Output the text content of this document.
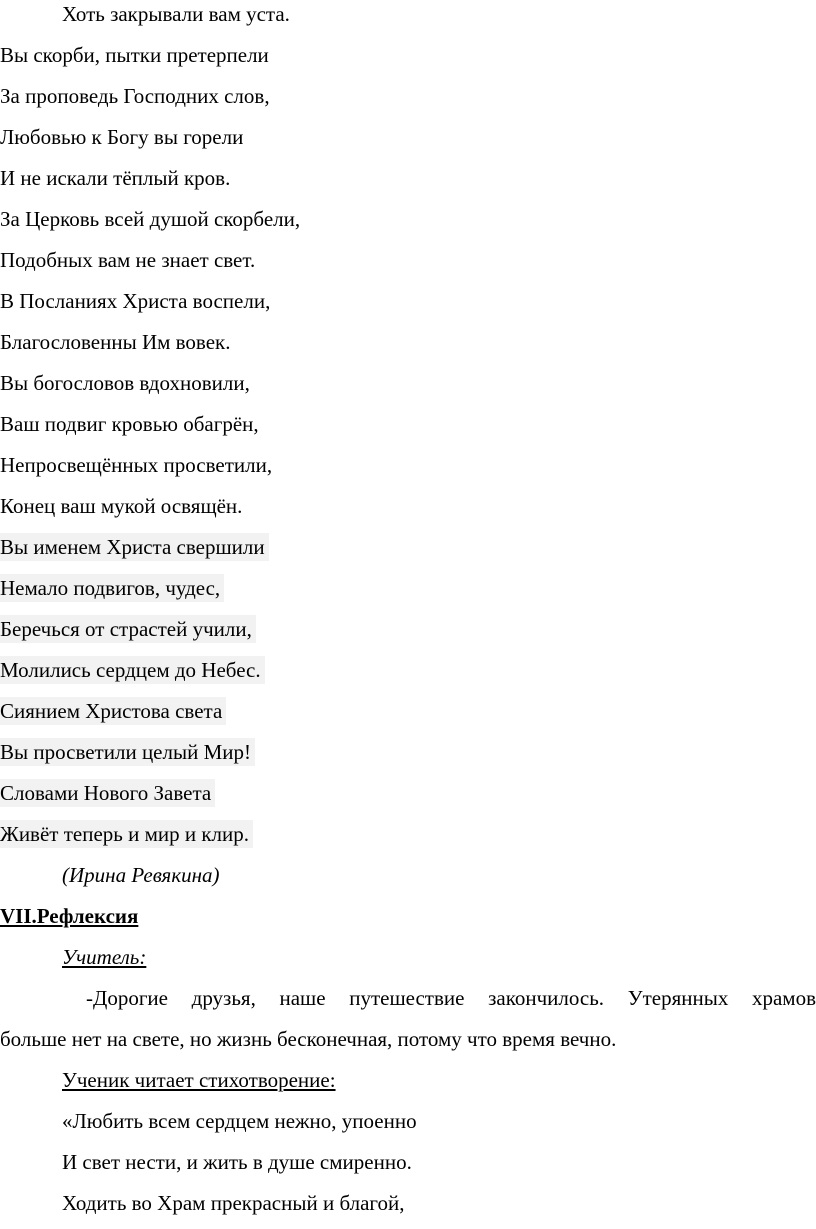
Хоть закрывали вам уста.
Вы скорби, пытки претерпели
За проповедь Господних слов,
Любовью к Богу вы горели
И не искали тёплый кров.
За Церковь всей душой скорбели,
Подобных вам не знает свет.
В Посланиях Христа воспели,
Благословенны Им вовек.
Вы богословов вдохновили,
Ваш подвиг кровью обагрён,
Непросвещённых просветили,
Конец ваш мукой освящён.
Вы именем Христа свершили
Немало подвигов, чудес,
Беречься от страстей учили,
Молились сердцем до Небес.
Сиянием Христова света
Вы просветили целый Мир!
Словами Нового Завета
Живёт теперь и мир и клир.
(Ирина Ревякина)
VII.Рефлексия
Учитель:
-Дорогие друзья, наше путешествие закончилось. Утерянных храмов
больше нет на свете, но жизнь бесконечная, потому что время вечно.
Ученик читает стихотворение:
«Любить всем сердцем нежно, упоенно
И свет нести, и жить в душе смиренно.
Ходить во Храм прекрасный и благой,
